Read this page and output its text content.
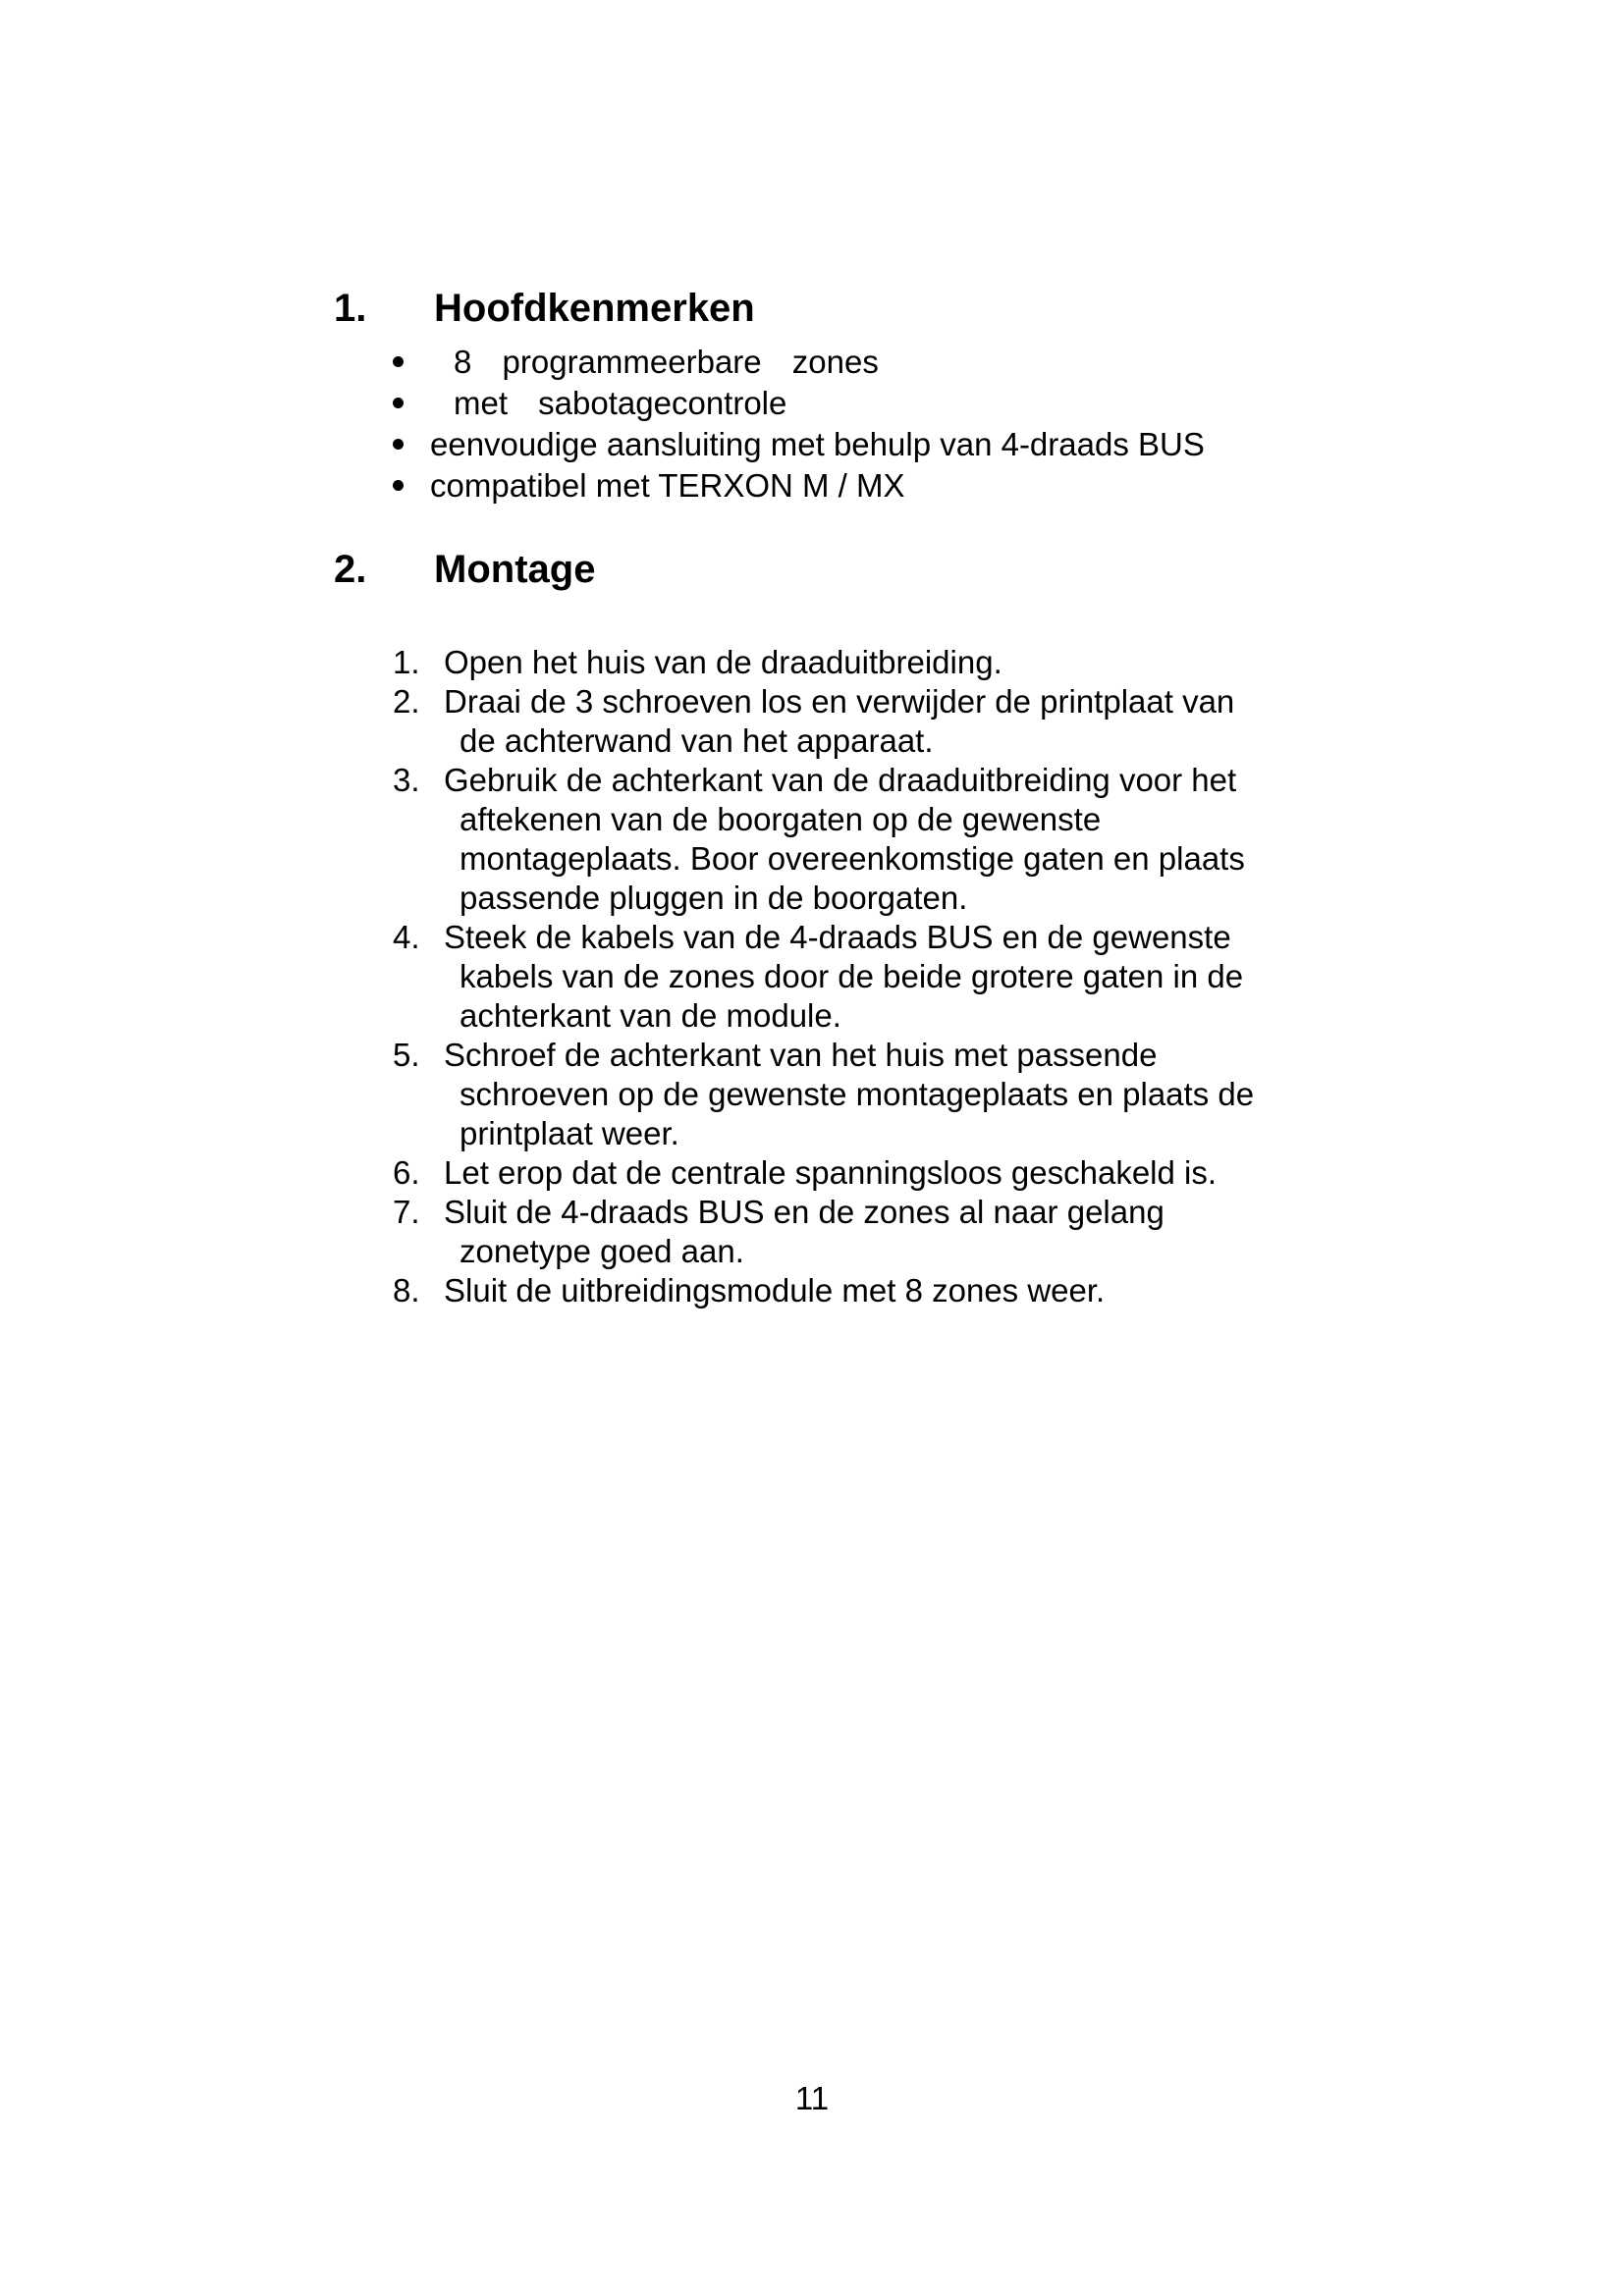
1. Hoofdkenmerken
8 programmeerbare zones
met sabotagecontrole
eenvoudige aansluiting met behulp van 4-draads BUS
compatibel met TERXON M / MX
2. Montage
1. Open het huis van de draaduitbreiding.
2. Draai de 3 schroeven los en verwijder de printplaat van
de achterwand van het apparaat.
3. Gebruik de achterkant van de draaduitbreiding voor het
aftekenen van de boorgaten op de gewenste
montageplaats. Boor overeenkomstige gaten en plaats
passende pluggen in de boorgaten.
4. Steek de kabels van de 4-draads BUS en de gewenste
kabels van de zones door de beide grotere gaten in de
achterkant van de module.
5. Schroef de achterkant van het huis met passende
schroeven op de gewenste montageplaats en plaats de
printplaat weer.
6. Let erop dat de centrale spanningsloos geschakeld is.
7. Sluit de 4-draads BUS en de zones al naar gelang
zonetype goed aan.
8. Sluit de uitbreidingsmodule met 8 zones weer.
11
